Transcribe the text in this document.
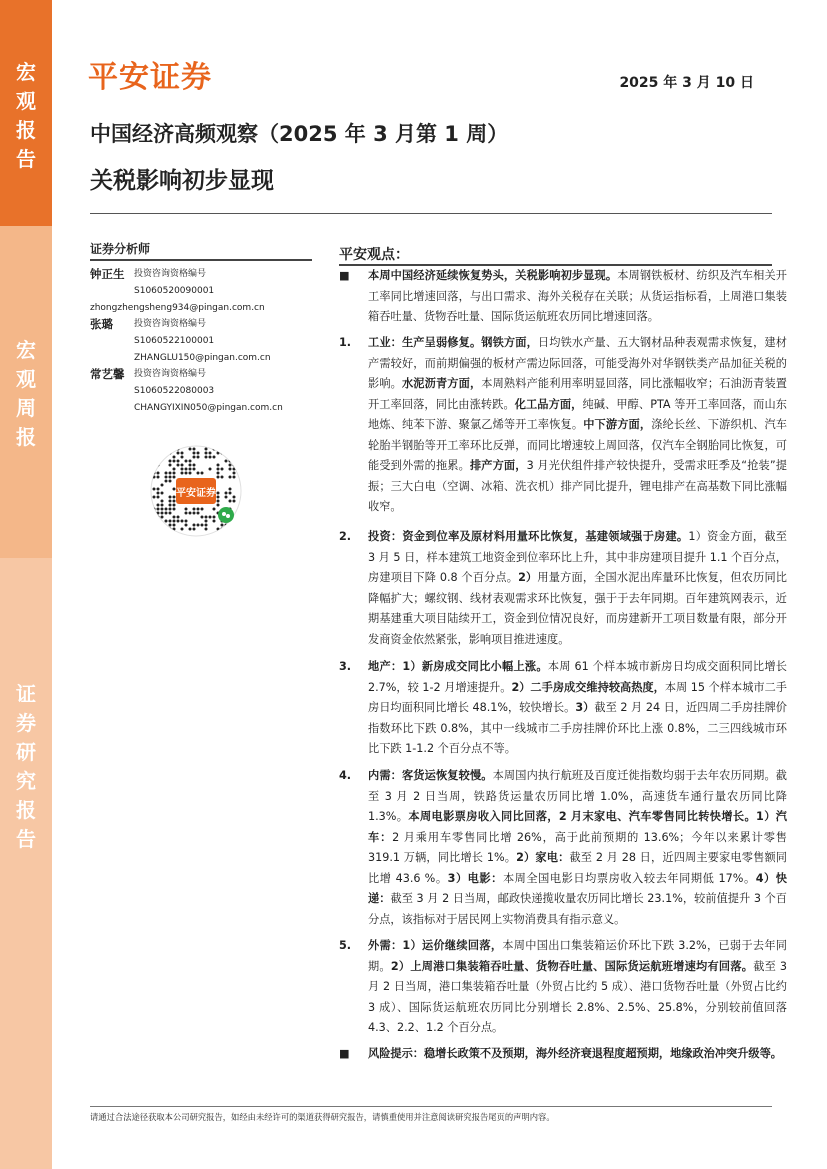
宏
观
报
告
宏
观
周
报
证
券
研
究
报
告
平安证券	2025 年 3 月 10 日
中国经济高频观察（2025 年 3 月第 1 周）
关税影响初步显现
证券分析师
钟正生 投资咨询资格编号
S1060520090001
zhongzhengsheng934@pingan.com.cn
张璐 投资咨询资格编号
S1060522100001
ZHANGLU150@pingan.com.cn
常艺馨 投资咨询资格编号
S1060522080003
CHANGYIXIN050@pingan.com.cn
平安证券
平安观点：
■ 本周中国经济延续恢复势头，关税影响初步显现。本周钢铁板材、纺织及汽车相关开工率同比增速回落，与出口需求、海外关税存在关联；从货运指标看，上周港口集装箱吞吐量、货物吞吐量、国际货运航班农历同比增速回落。
1. 工业：生产呈弱修复。钢铁方面，日均铁水产量、五大钢材品种表观需求恢复，建材产需较好，而前期偏强的板材产需边际回落，可能受海外对华钢铁类产品加征关税的影响。水泥沥青方面，本周熟料产能利用率明显回落，同比涨幅收窄；石油沥青装置开工率回落，同比由涨转跌。化工品方面，纯碱、甲醇、PTA 等开工率回落，而山东地炼、纯苯下游、聚氯乙烯等开工率恢复。中下游方面，涤纶长丝、下游织机、汽车轮胎半钢胎等开工率环比反弹，而同比增速较上周回落，仅汽车全钢胎同比恢复，可能受到外需的拖累。排产方面，3 月光伏组件排产较快提升，受需求旺季及“抢装”提振；三大白电（空调、冰箱、洗衣机）排产同比提升，锂电排产在高基数下同比涨幅收窄。
2. 投资：资金到位率及原材料用量环比恢复，基建领域强于房建。1）资金方面，截至 3 月 5 日，样本建筑工地资金到位率环比上升，其中非房建项目提升 1.1 个百分点，房建项目下降 0.8 个百分点。2）用量方面，全国水泥出库量环比恢复，但农历同比降幅扩大；螺纹钢、线材表观需求环比恢复，强于于去年同期。百年建筑网表示，近期基建重大项目陆续开工，资金到位情况良好，而房建新开工项目数量有限，部分开发商资金依然紧张，影响项目推进速度。
3. 地产：1）新房成交同比小幅上涨。本周 61 个样本城市新房日均成交面积同比增长 2.7%，较 1-2 月增速提升。2）二手房成交维持较高热度，本周 15 个样本城市二手房日均面积同比增长 48.1%，较快增长。3）截至 2 月 24 日，近四周二手房挂牌价指数环比下跌 0.8%，其中一线城市二手房挂牌价环比上涨 0.8%，二三四线城市环比下跌 1-1.2 个百分点不等。
4. 内需：客货运恢复较慢。本周国内执行航班及百度迁徙指数均弱于去年农历同期。截至 3 月 2 日当周，铁路货运量农历同比增 1.0%，高速货车通行量农历同比降 1.3%。本周电影票房收入同比回落，2 月末家电、汽车零售同比转快增长。1）汽车：2 月乘用车零售同比增 26%，高于此前预期的 13.6%；今年以来累计零售 319.1 万辆，同比增长 1%。2）家电：截至 2 月 28 日，近四周主要家电零售额同比增 43.6 %。3）电影：本周全国电影日均票房收入较去年同期低 17%。4）快递：截至 3 月 2 日当周，邮政快递揽收量农历同比增长 23.1%，较前值提升 3 个百分点，该指标对于居民网上实物消费具有指示意义。
5. 外需：1）运价继续回落，本周中国出口集装箱运价环比下跌 3.2%，已弱于去年同期。2）上周港口集装箱吞吐量、货物吞吐量、国际货运航班增速均有回落。截至 3 月 2 日当周，港口集装箱吞吐量（外贸占比约 5 成）、港口货物吞吐量（外贸占比约 3 成）、国际货运航班农历同比分别增长 2.8%、2.5%、25.8%，分别较前值回落 4.3、2.2、1.2 个百分点。
■ 风险提示：稳增长政策不及预期，海外经济衰退程度超预期，地缘政治冲突升级等。
请通过合法途径获取本公司研究报告，如经由未经许可的渠道获得研究报告，请慎重使用并注意阅读研究报告尾页的声明内容。
